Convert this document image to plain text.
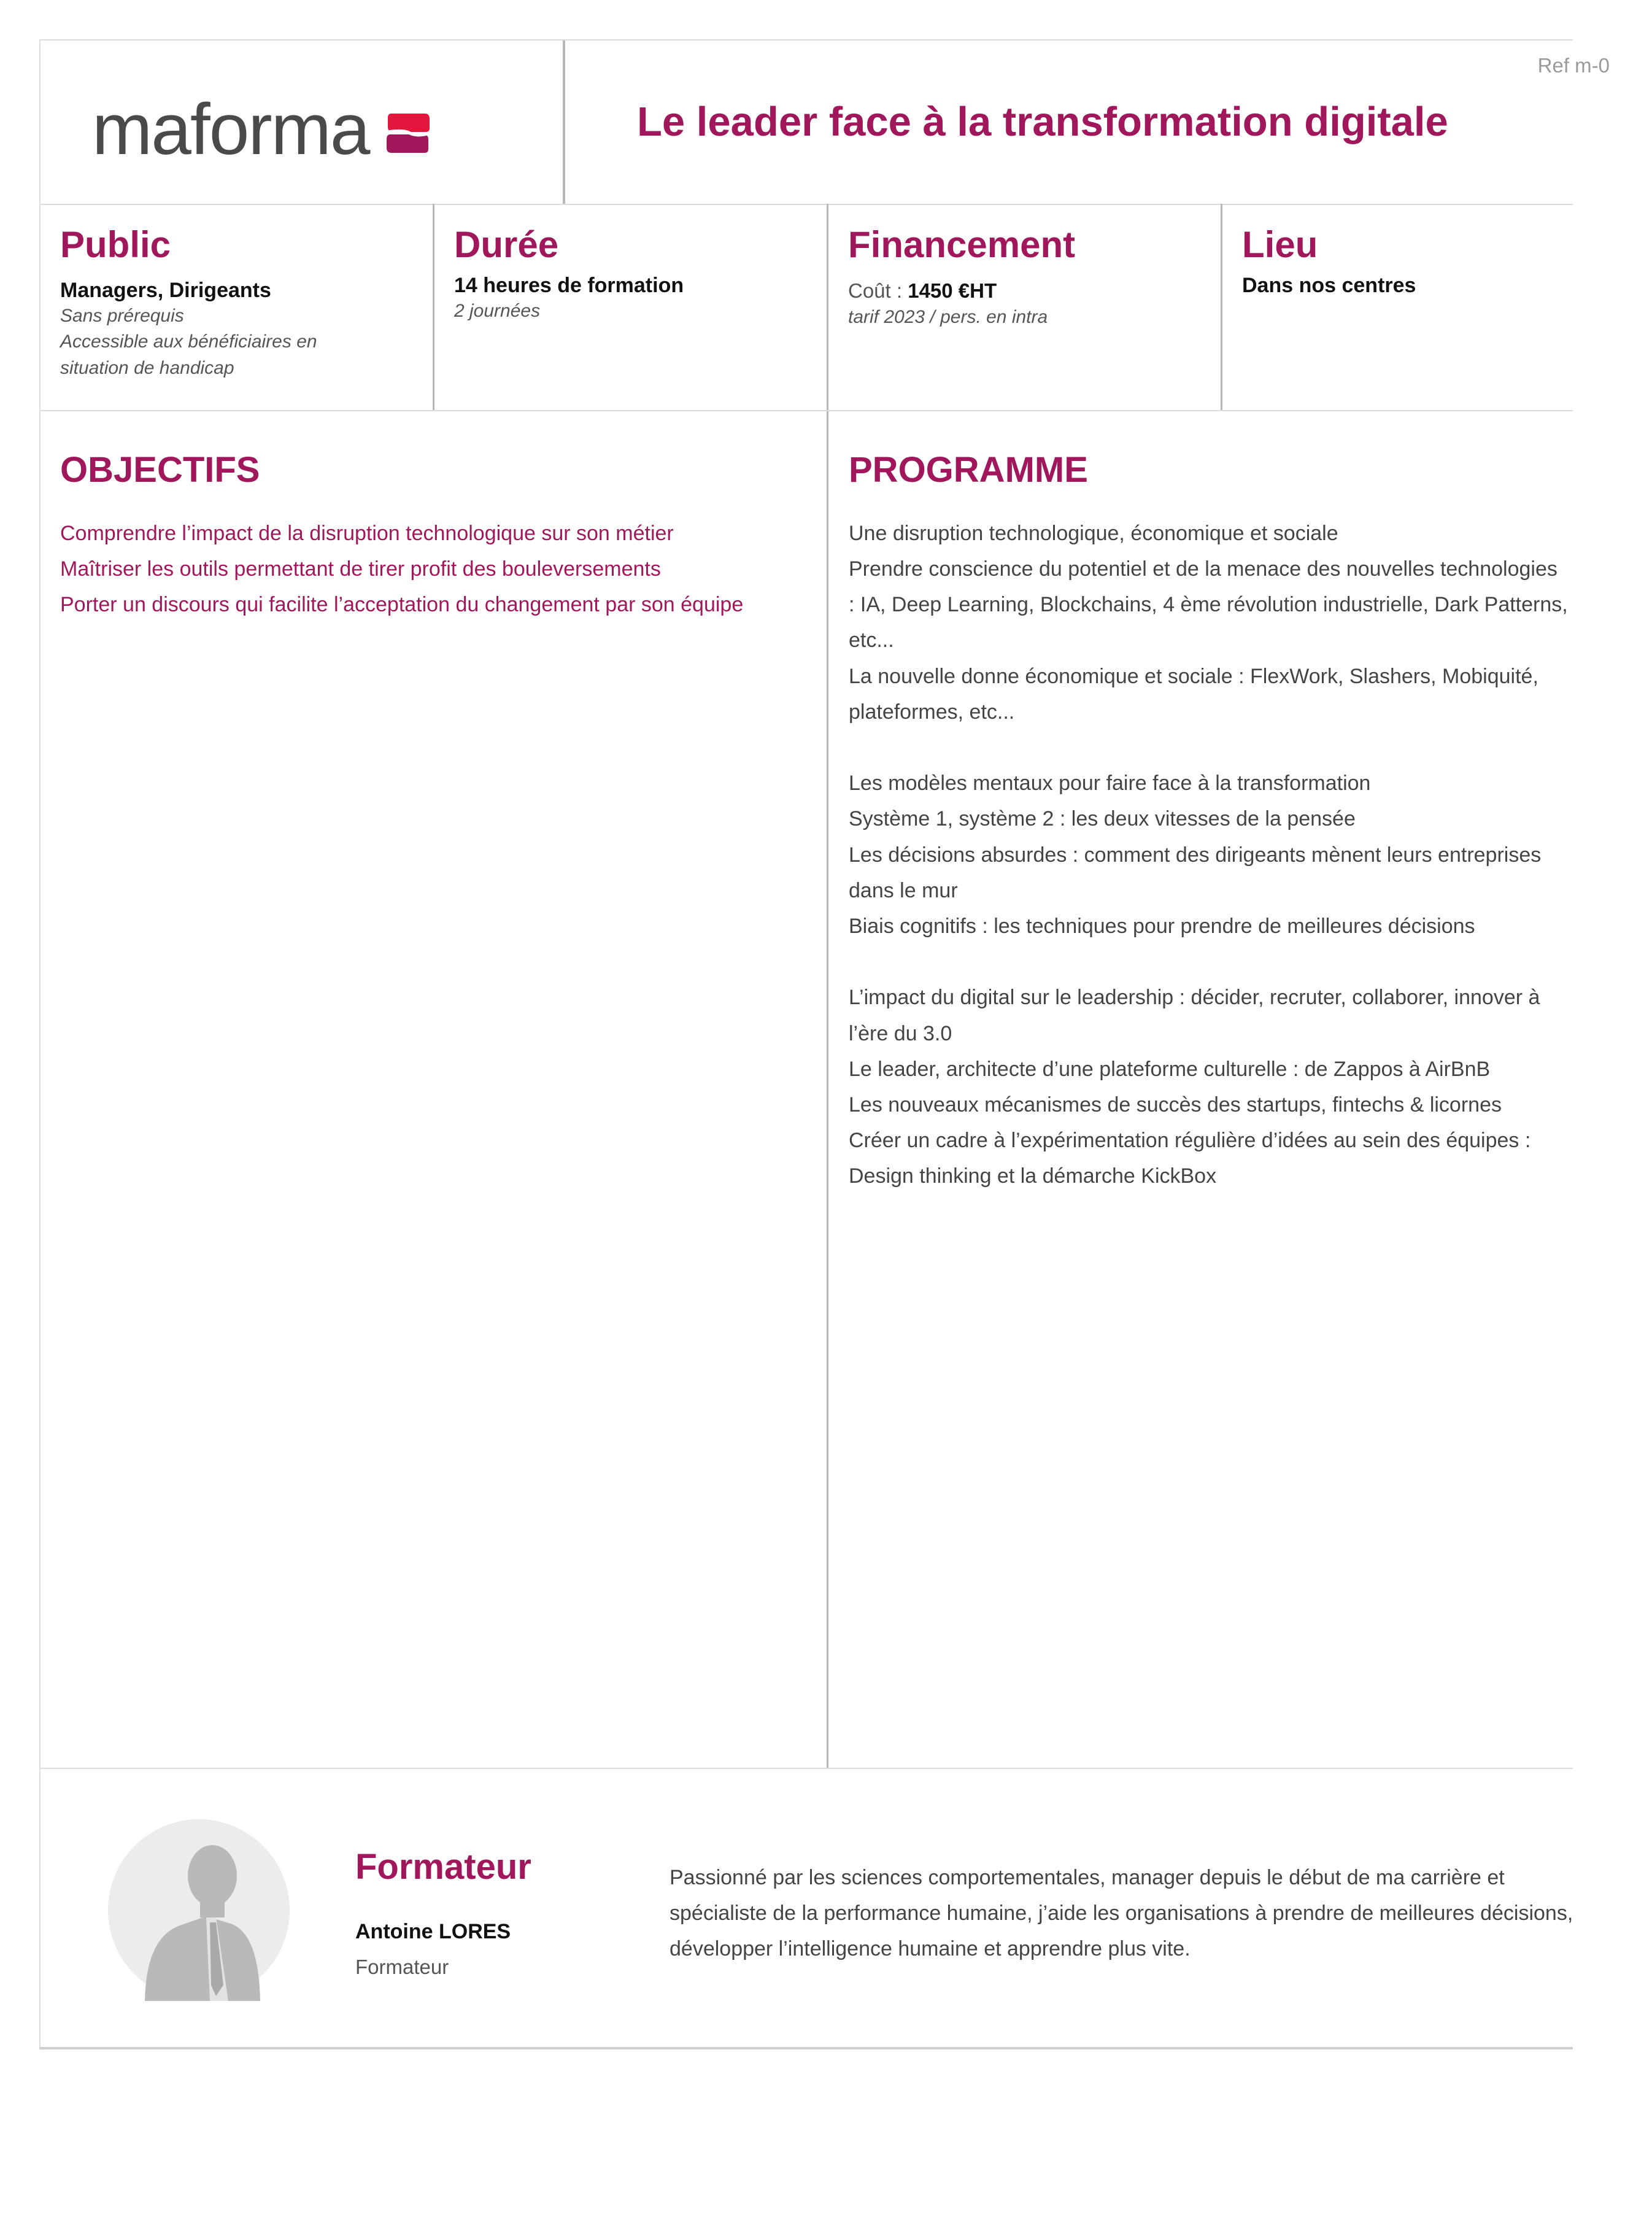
maforma
Ref m-0
Le leader face à la transformation digitale
Public
Managers, Dirigeants
Sans prérequis
Accessible aux bénéficiaires en
situation de handicap
Durée
14 heures de formation
2 journées
Financement
Coût : 1450 €HT
tarif 2023 / pers. en intra
Lieu
Dans nos centres
OBJECTIFS
Comprendre l’impact de la disruption technologique sur son métier
Maîtriser les outils permettant de tirer profit des bouleversements
Porter un discours qui facilite l’acceptation du changement par son équipe
PROGRAMME

Une disruption technologique, économique et sociale

Prendre conscience du potentiel et de la menace des nouvelles technologies

: IA, Deep Learning, Blockchains, 4 ème révolution industrielle, Dark Patterns,

etc...

La nouvelle donne économique et sociale : FlexWork, Slashers, Mobiquité,

plateformes, etc...

Les modèles mentaux pour faire face à la transformation

Système 1, système 2 : les deux vitesses de la pensée

Les décisions absurdes : comment des dirigeants mènent leurs entreprises

dans le mur

Biais cognitifs : les techniques pour prendre de meilleures décisions

L’impact du digital sur le leadership : décider, recruter, collaborer, innover à

l’ère du 3.0

Le leader, architecte d’une plateforme culturelle : de Zappos à AirBnB

Les nouveaux mécanismes de succès des startups, fintechs & licornes

Créer un cadre à l’expérimentation régulière d’idées au sein des équipes :

Design thinking et la démarche KickBox

Formateur
Antoine LORES
Formateur

Passionné par les sciences comportementales, manager depuis le début de ma carrière et

spécialiste de la performance humaine, j’aide les organisations à prendre de meilleures décisions,

développer l’intelligence humaine et apprendre plus vite.
